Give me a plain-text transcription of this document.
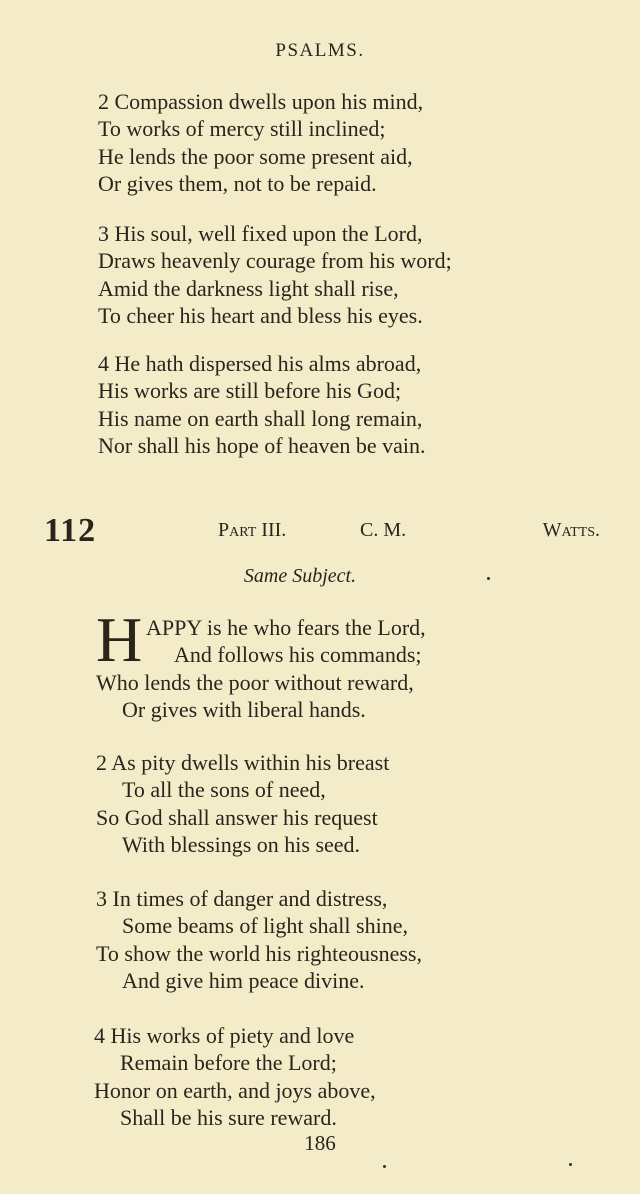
PSALMS.
2 Compassion dwells upon his mind,
To works of mercy still inclined;
He lends the poor some present aid,
Or gives them, not to be repaid.
3 His soul, well fixed upon the Lord,
Draws heavenly courage from his word;
Amid the darkness light shall rise,
To cheer his heart and bless his eyes.
4 He hath dispersed his alms abroad,
His works are still before his God;
His name on earth shall long remain,
Nor shall his hope of heaven be vain.
112	Part III.	C. M.	Watts.
Same Subject.
H APPY is he who fears the Lord,
And follows his commands;
Who lends the poor without reward,
Or gives with liberal hands.
2 As pity dwells within his breast
To all the sons of need,
So God shall answer his request
With blessings on his seed.
3 In times of danger and distress,
Some beams of light shall shine,
To show the world his righteousness,
And give him peace divine.
4 His works of piety and love
Remain before the Lord;
Honor on earth, and joys above,
Shall be his sure reward.
186
